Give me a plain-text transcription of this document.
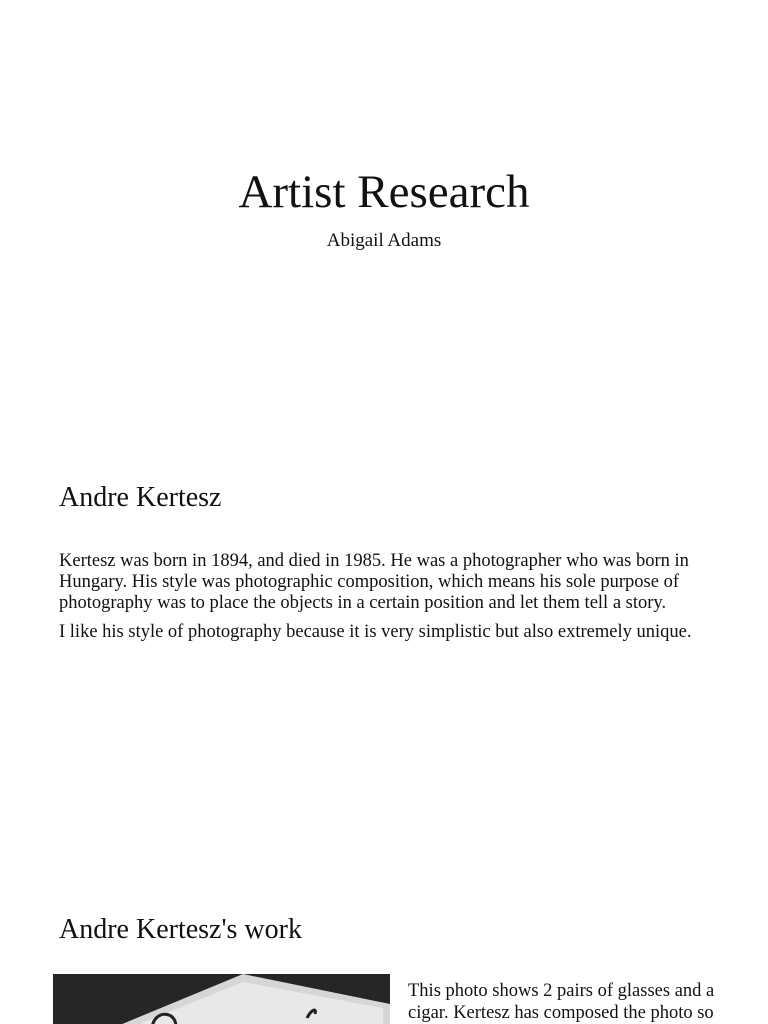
Artist Research
Abigail Adams
Andre Kertesz

Kertesz was born in 1894, and died in 1985. He was a photographer who was born in Hungary. His style was photographic composition, which means his sole purpose of photography was to place the objects in a certain position and let them tell a story.

I like his style of photography because it is very simplistic but also extremely unique.

Andre Kertesz's work

This photo shows 2 pairs of glasses and a cigar. Kertesz has composed the photo so
